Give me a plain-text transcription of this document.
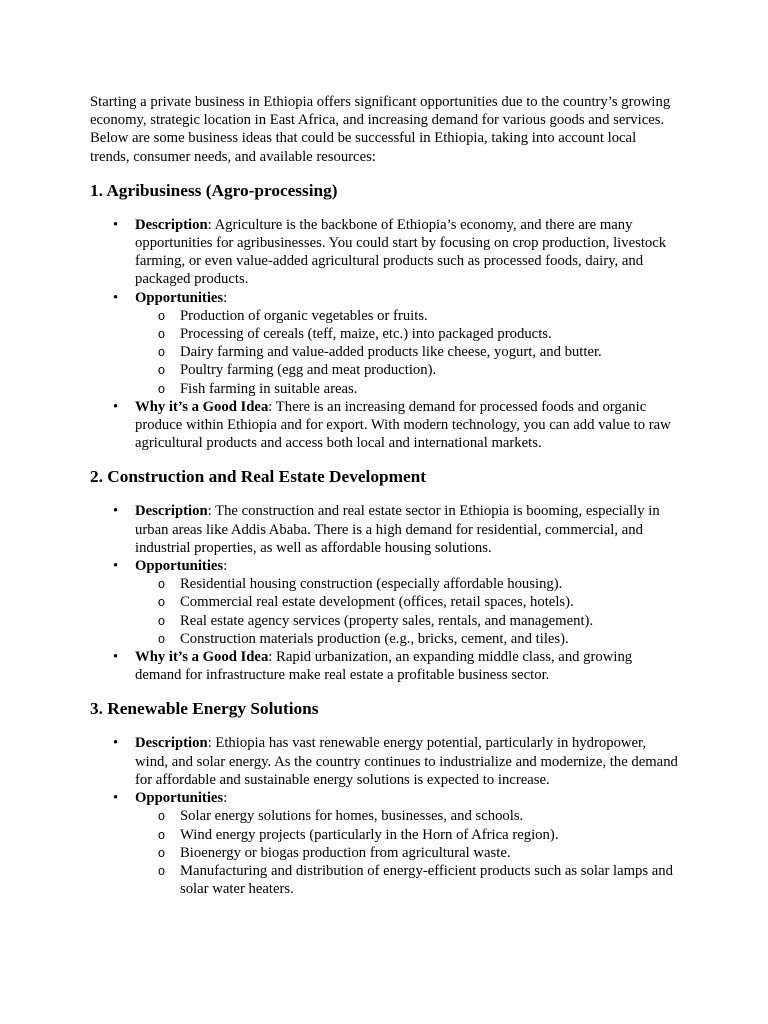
Starting a private business in Ethiopia offers significant opportunities due to the country’s growing economy, strategic location in East Africa, and increasing demand for various goods and services. Below are some business ideas that could be successful in Ethiopia, taking into account local trends, consumer needs, and available resources:

1. Agribusiness (Agro-processing)
• Description: Agriculture is the backbone of Ethiopia’s economy, and there are many opportunities for agribusinesses. You could start by focusing on crop production, livestock farming, or even value-added agricultural products such as processed foods, dairy, and packaged products.
• Opportunities:
o Production of organic vegetables or fruits.
o Processing of cereals (teff, maize, etc.) into packaged products.
o Dairy farming and value-added products like cheese, yogurt, and butter.
o Poultry farming (egg and meat production).
o Fish farming in suitable areas.
• Why it’s a Good Idea: There is an increasing demand for processed foods and organic produce within Ethiopia and for export. With modern technology, you can add value to raw agricultural products and access both local and international markets.
2. Construction and Real Estate Development
• Description: The construction and real estate sector in Ethiopia is booming, especially in urban areas like Addis Ababa. There is a high demand for residential, commercial, and industrial properties, as well as affordable housing solutions.
• Opportunities:
o Residential housing construction (especially affordable housing).
o Commercial real estate development (offices, retail spaces, hotels).
o Real estate agency services (property sales, rentals, and management).
o Construction materials production (e.g., bricks, cement, and tiles).
• Why it’s a Good Idea: Rapid urbanization, an expanding middle class, and growing demand for infrastructure make real estate a profitable business sector.
3. Renewable Energy Solutions
• Description: Ethiopia has vast renewable energy potential, particularly in hydropower, wind, and solar energy. As the country continues to industrialize and modernize, the demand for affordable and sustainable energy solutions is expected to increase.
• Opportunities:
o Solar energy solutions for homes, businesses, and schools.
o Wind energy projects (particularly in the Horn of Africa region).
o Bioenergy or biogas production from agricultural waste.
o Manufacturing and distribution of energy-efficient products such as solar lamps and solar water heaters.
